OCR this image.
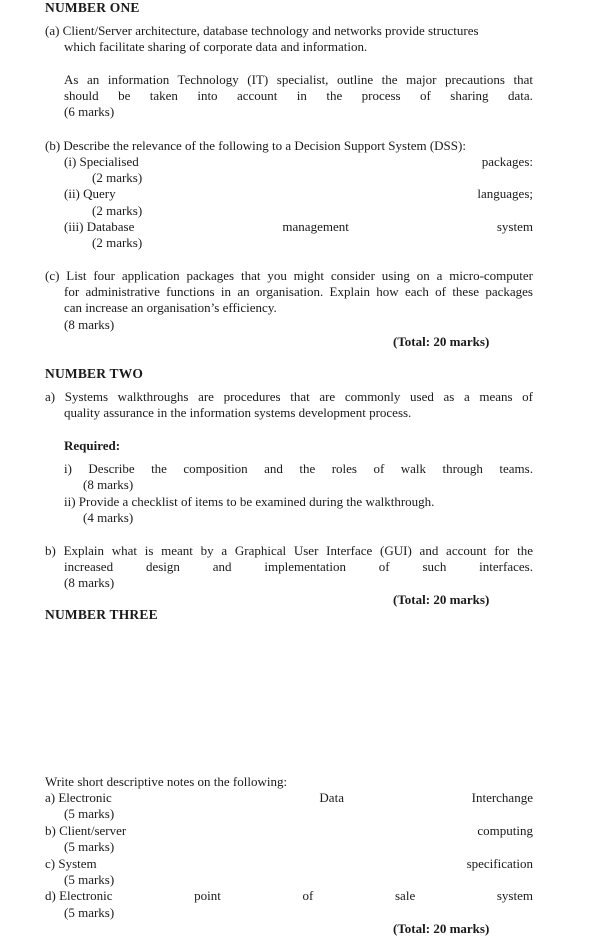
NUMBER ONE
(a) Client/Server architecture, database technology and networks provide structures
which facilitate sharing of corporate data and information.
As an information Technology (IT) specialist, outline the major precautions that
should be taken into account in the process of sharing data.
(6 marks)
(b) Describe the relevance of the following to a Decision Support System (DSS):
(i) Specialised	packages:
(2 marks)
(ii) Query	languages;
(2 marks)
(iii) Database	management	system
(2 marks)
(c) List four application packages that you might consider using on a micro-computer
for administrative functions in an organisation. Explain how each of these packages
can increase an organisation’s efficiency.
(8 marks)
(Total: 20 marks)
NUMBER TWO
a) Systems walkthroughs are procedures that are commonly used as a means of
quality assurance in the information systems development process.
Required:
i) Describe the composition and the roles of walk through teams.
(8 marks)
ii) Provide a checklist of items to be examined during the walkthrough.
(4 marks)
b) Explain what is meant by a Graphical User Interface (GUI) and account for the
increased	design	and	implementation	of	such	interfaces.
(8 marks)
(Total: 20 marks)
NUMBER THREE
Write short descriptive notes on the following:
a) Electronic	Data	Interchange
(5 marks)
b) Client/server	computing
(5 marks)
c) System	specification
(5 marks)
d) Electronic	point	of	sale	system
(5 marks)
(Total: 20 marks)
